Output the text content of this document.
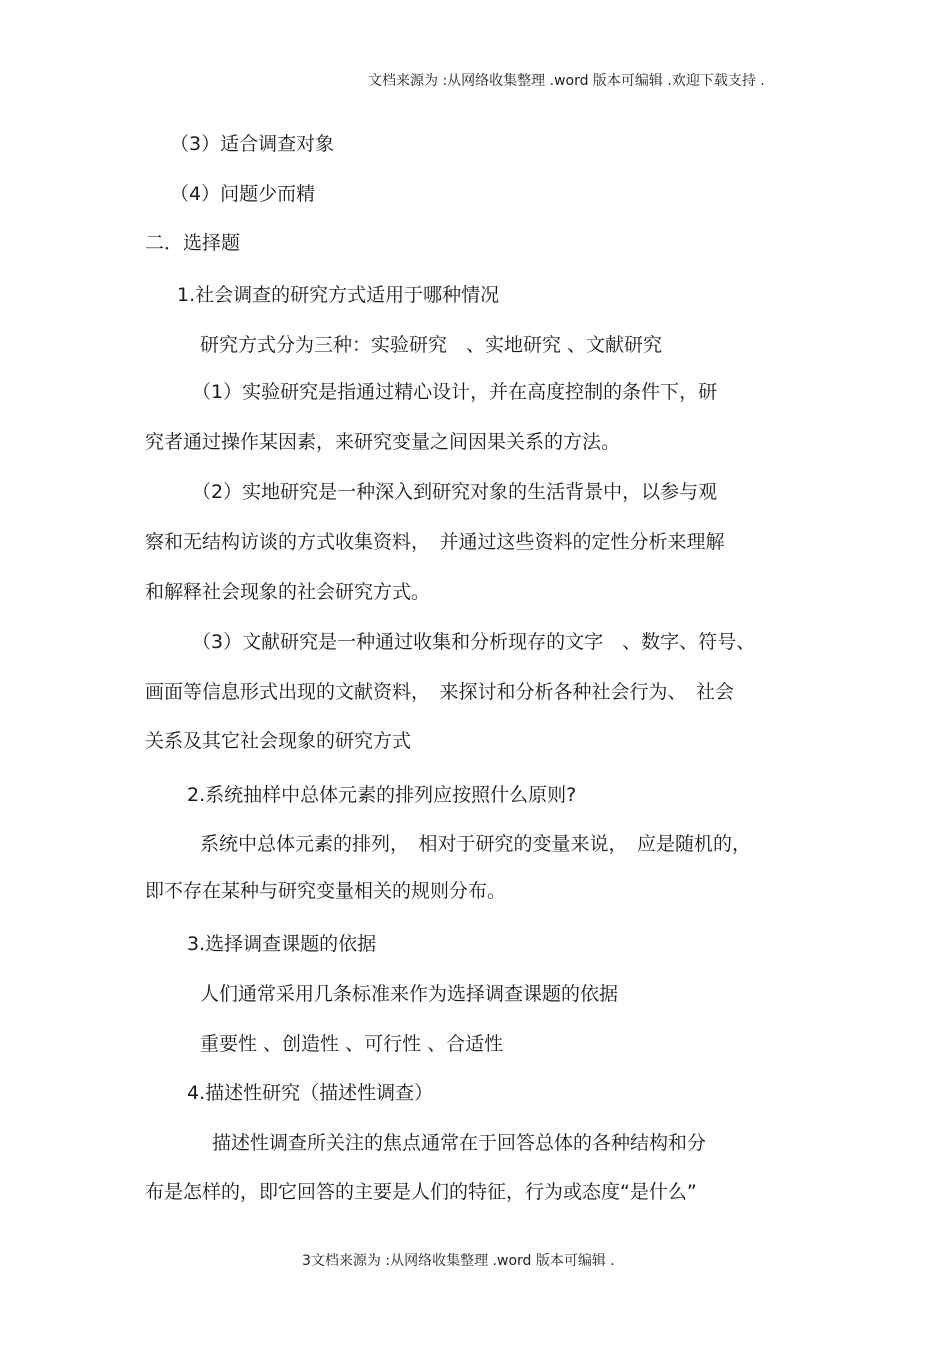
文档来源为 :从网络收集整理 .word 版本可编辑 .欢迎下载支持 .
（3）适合调查对象
（4）问题少而精
二．选择题
1.社会调查的研究方式适用于哪种情况
研究方式分为三种：实验研究　、实地研究 、文献研究
（1）实验研究是指通过精心设计，并在高度控制的条件下，研
究者通过操作某因素，来研究变量之间因果关系的方法。
（2）实地研究是一种深入到研究对象的生活背景中，以参与观
察和无结构访谈的方式收集资料，　并通过这些资料的定性分析来理解
和解释社会现象的社会研究方式。
（3）文献研究是一种通过收集和分析现存的文字　、数字、符号、
画面等信息形式出现的文献资料，　来探讨和分析各种社会行为、　社会
关系及其它社会现象的研究方式
2.系统抽样中总体元素的排列应按照什么原则?
系统中总体元素的排列，　相对于研究的变量来说，　应是随机的，
即不存在某种与研究变量相关的规则分布。
3.选择调查课题的依据
人们通常采用几条标准来作为选择调查课题的依据
重要性 、创造性 、可行性 、合适性
4.描述性研究（描述性调查）
描述性调查所关注的焦点通常在于回答总体的各种结构和分
布是怎样的，即它回答的主要是人们的特征，行为或态度“是什么”
3文档来源为 :从网络收集整理 .word 版本可编辑 .
